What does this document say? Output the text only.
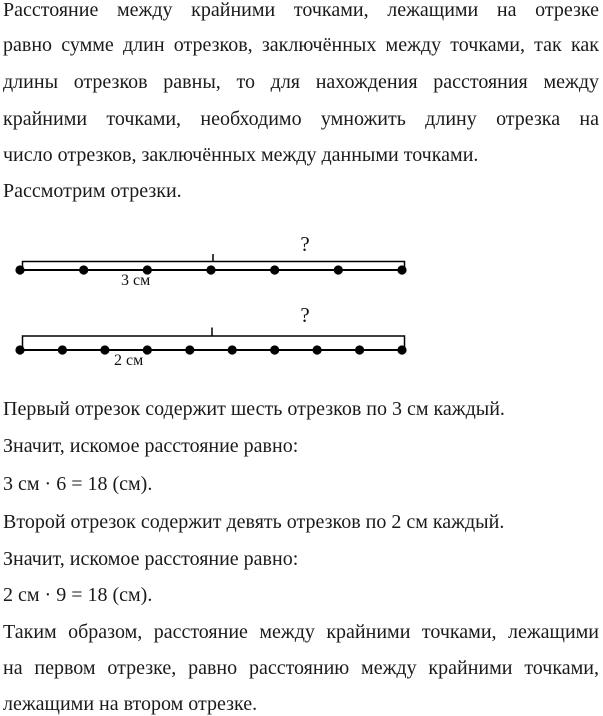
Расстояние между крайними точками, лежащими на отрезке
равно сумме длин отрезков, заключённых между точками, так как
длины отрезков равны, то для нахождения расстояния между
крайними точками, необходимо умножить длину отрезка на
число отрезков, заключённых между данными точками.
Рассмотрим отрезки.
?
3 см
?
2 см
Первый отрезок содержит шесть отрезков по 3 см каждый.
Значит, искомое расстояние равно:
3 см · 6 = 18 (см).
Второй отрезок содержит девять отрезков по 2 см каждый.
Значит, искомое расстояние равно:
2 см · 9 = 18 (см).
Таким образом, расстояние между крайними точками, лежащими
на первом отрезке, равно расстоянию между крайними точками,
лежащими на втором отрезке.
